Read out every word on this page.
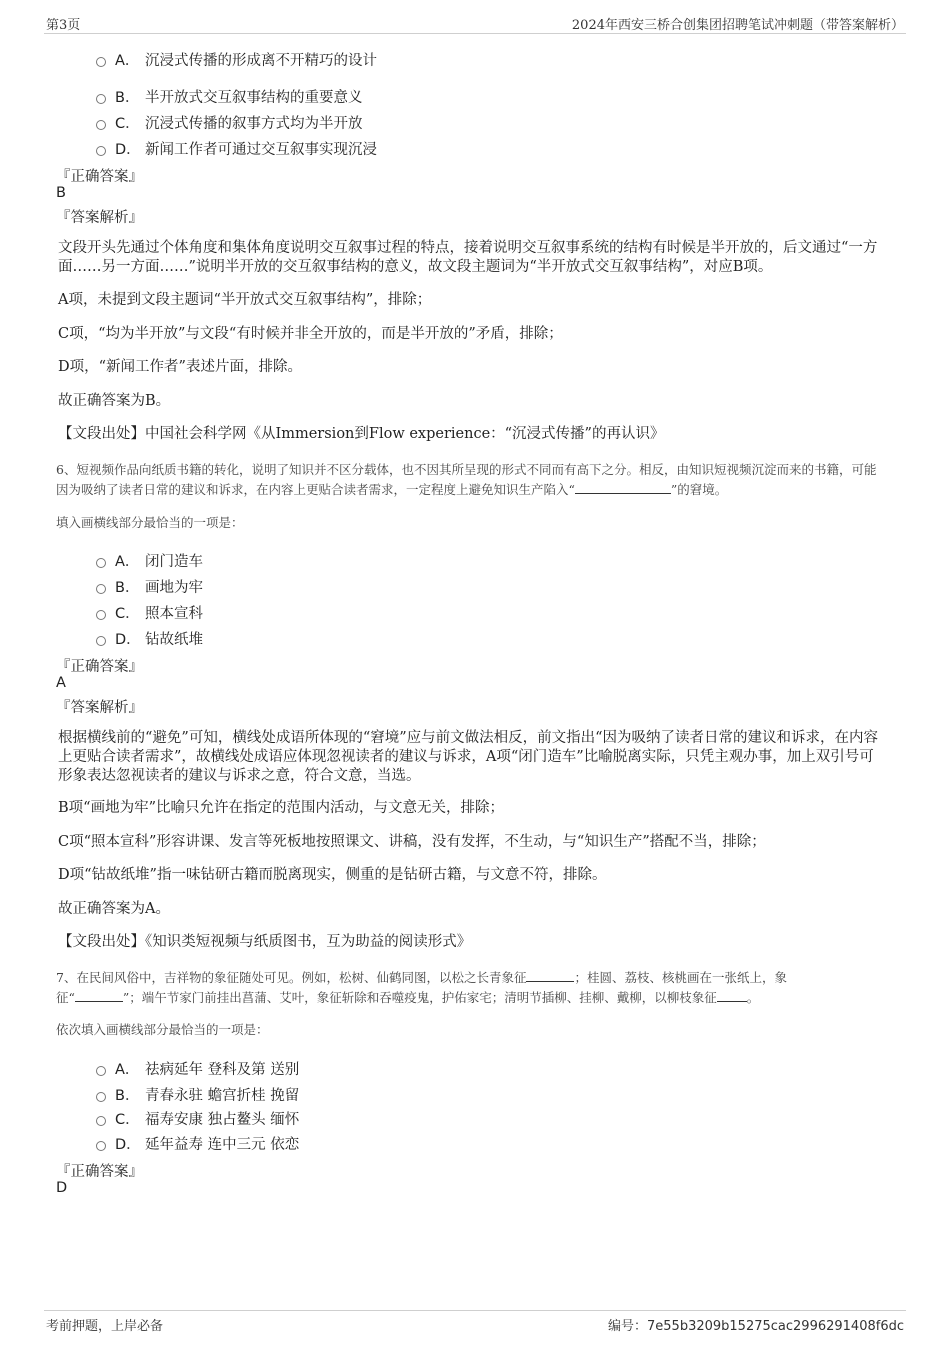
第3页	2024年西安三桥合创集团招聘笔试冲刺题（带答案解析）
A． 沉浸式传播的形成离不开精巧的设计
B． 半开放式交互叙事结构的重要意义
C． 沉浸式传播的叙事方式均为半开放
D． 新闻工作者可通过交互叙事实现沉浸
『正确答案』
B
『答案解析』
文段开头先通过个体角度和集体角度说明交互叙事过程的特点，接着说明交互叙事系统的结构有时候是半开放的，后文通过“一方面……另一方面……”说明半开放的交互叙事结构的意义，故文段主题词为“半开放式交互叙事结构”，对应B项。
A项，未提到文段主题词“半开放式交互叙事结构”，排除；
C项，“均为半开放”与文段“有时候并非全开放的，而是半开放的”矛盾，排除；
D项，“新闻工作者”表述片面，排除。
故正确答案为B。
【文段出处】中国社会科学网《从Immersion到Flow experience：“沉浸式传播”的再认识》
6、短视频作品向纸质书籍的转化，说明了知识并不区分载体，也不因其所呈现的形式不同而有高下之分。相反，由知识短视频沉淀而来的书籍，可能因为吸纳了读者日常的建议和诉求，在内容上更贴合读者需求，一定程度上避免知识生产陷入“	”的窘境。
填入画横线部分最恰当的一项是：
A． 闭门造车
B． 画地为牢
C． 照本宣科
D． 钻故纸堆
『正确答案』
A
『答案解析』
根据横线前的“避免”可知，横线处成语所体现的“窘境”应与前文做法相反，前文指出“因为吸纳了读者日常的建议和诉求，在内容上更贴合读者需求”，故横线处成语应体现忽视读者的建议与诉求，A项“闭门造车”比喻脱离实际，只凭主观办事，加上双引号可形象表达忽视读者的建议与诉求之意，符合文意，当选。
B项“画地为牢”比喻只允许在指定的范围内活动，与文意无关，排除；
C项“照本宣科”形容讲课、发言等死板地按照课文、讲稿，没有发挥，不生动，与“知识生产”搭配不当，排除；
D项“钻故纸堆”指一味钻研古籍而脱离现实，侧重的是钻研古籍，与文意不符，排除。
故正确答案为A。
【文段出处】《知识类短视频与纸质图书，互为助益的阅读形式》
7、在民间风俗中，吉祥物的象征随处可见。例如，松树、仙鹤同图，以松之长青象征	；桂圆、荔枝、核桃画在一张纸上，象
征“	”；端午节家门前挂出菖蒲、艾叶，象征斩除和吞噬疫鬼，护佑家宅；清明节插柳、挂柳、戴柳，以柳枝象征 。
依次填入画横线部分最恰当的一项是：
A． 祛病延年 登科及第 送别
B． 青春永驻 蟾宫折桂 挽留
C． 福寿安康 独占鳌头 缅怀
D． 延年益寿 连中三元 依恋
『正确答案』
D
考前押题，上岸必备	编号：7e55b3209b15275cac2996291408f6dc
